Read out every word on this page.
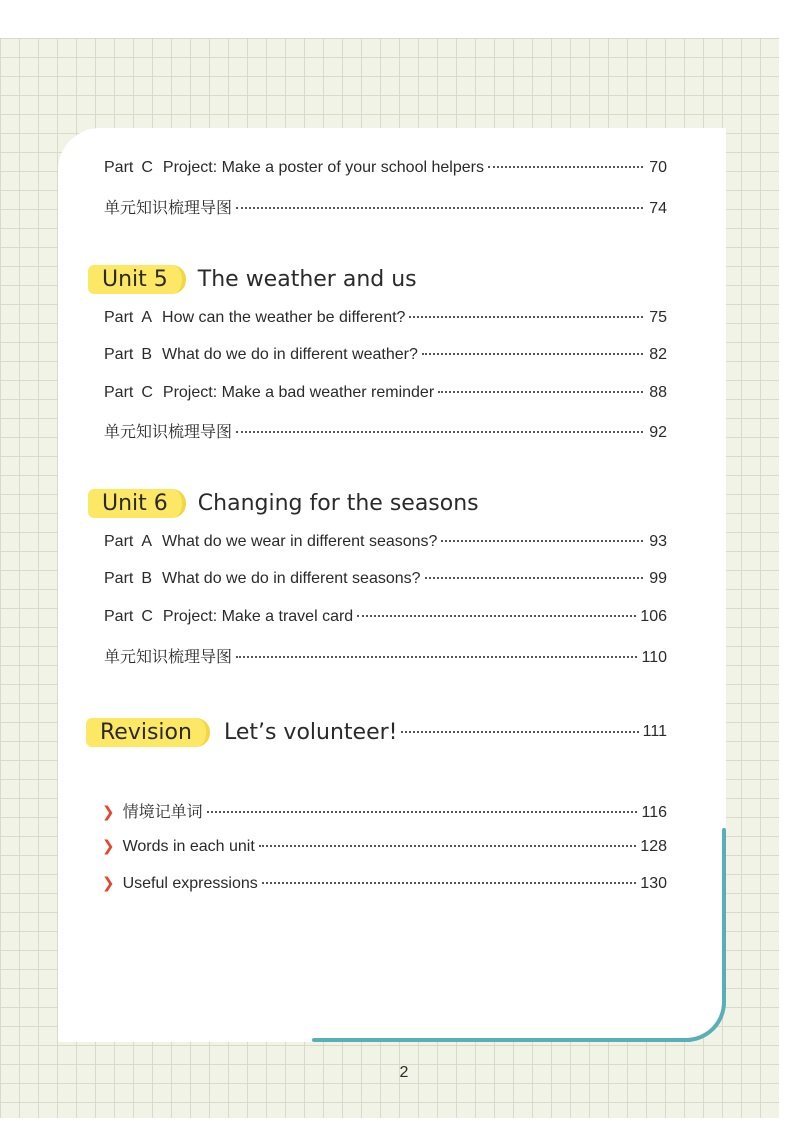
Part C Project: Make a poster of your school helpers	70
单元知识梳理导图	74
Unit 5	The weather and us
Part A How can the weather be different?	75
Part B What do we do in different weather?	82
Part C Project: Make a bad weather reminder	88
单元知识梳理导图	92
Unit 6	Changing for the seasons
Part A What do we wear in different seasons?	93
Part B What do we do in different seasons?	99
Part C Project: Make a travel card	106
单元知识梳理导图	110
Revision	Let’s volunteer!	111
❯ 情境记单词	116
❯ Words in each unit	128
❯ Useful expressions	130
2
